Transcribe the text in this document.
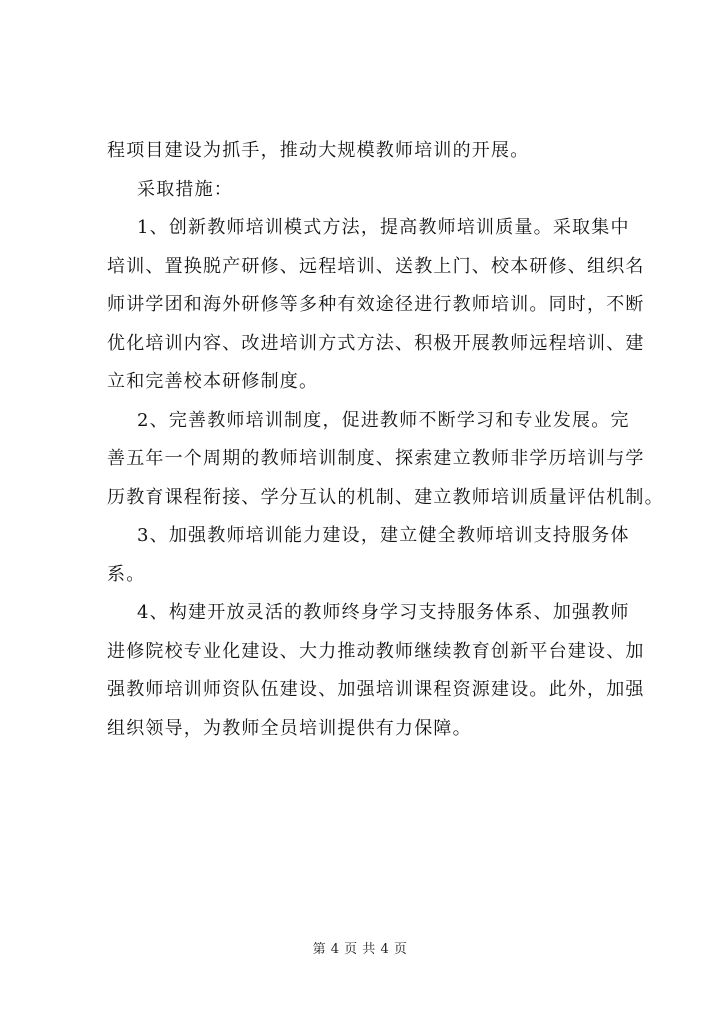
程项目建设为抓手，推动大规模教师培训的开展。
采取措施：
1、创新教师培训模式方法，提高教师培训质量。采取集中
培训、置换脱产研修、远程培训、送教上门、校本研修、组织名
师讲学团和海外研修等多种有效途径进行教师培训。同时，不断
优化培训内容、改进培训方式方法、积极开展教师远程培训、建
立和完善校本研修制度。
2、完善教师培训制度，促进教师不断学习和专业发展。完
善五年一个周期的教师培训制度、探索建立教师非学历培训与学
历教育课程衔接、学分互认的机制、建立教师培训质量评估机制。
3、加强教师培训能力建设，建立健全教师培训支持服务体
系。
4、构建开放灵活的教师终身学习支持服务体系、加强教师
进修院校专业化建设、大力推动教师继续教育创新平台建设、加
强教师培训师资队伍建设、加强培训课程资源建设。此外，加强
组织领导，为教师全员培训提供有力保障。
第 4 页 共 4 页
